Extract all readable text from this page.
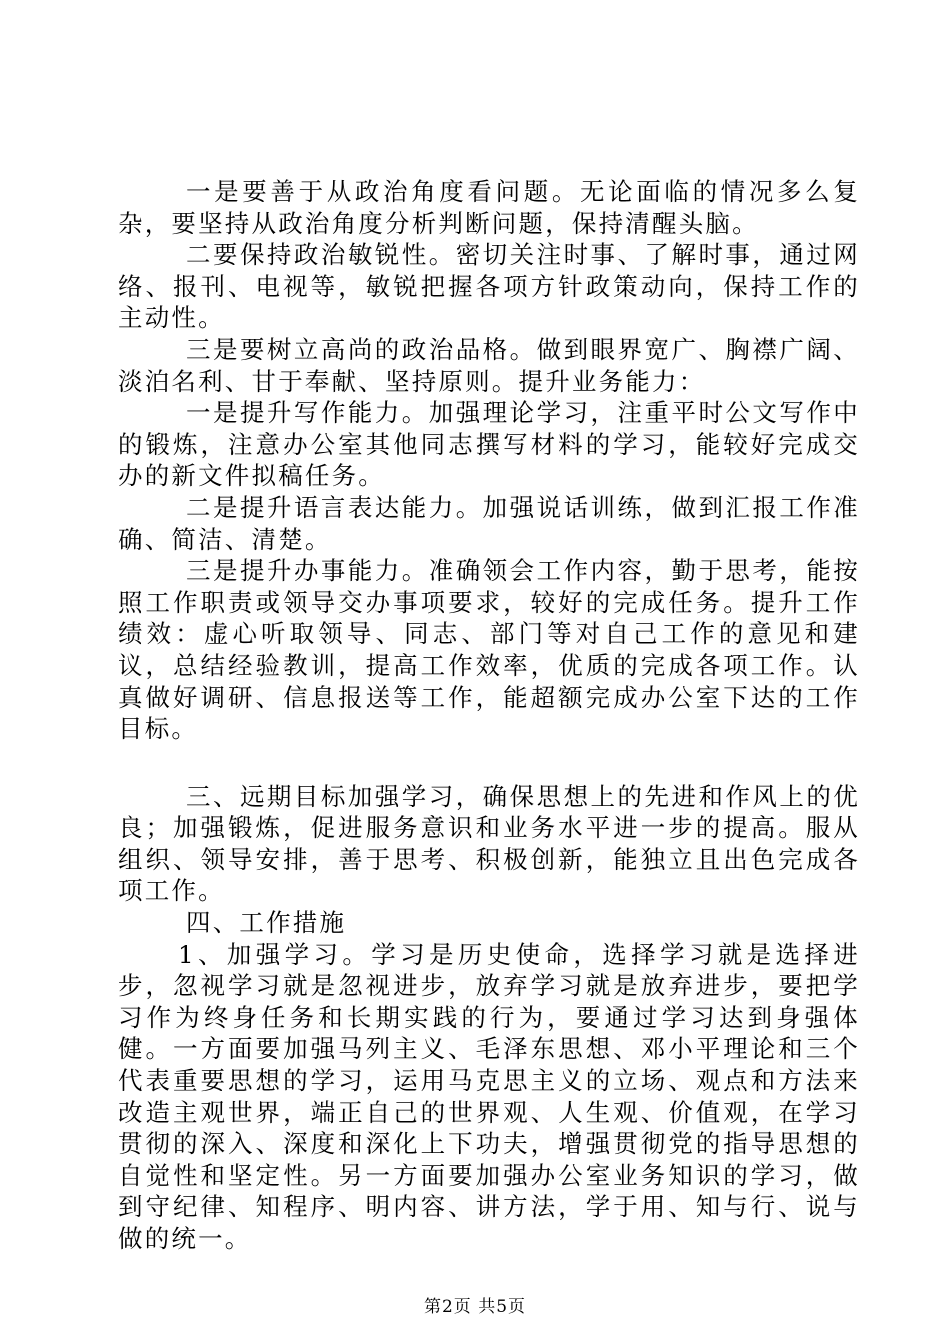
一是要善于从政治角度看问题。无论面临的情况多么复杂，要坚持从政治角度分析判断问题，保持清醒头脑。

二要保持政治敏锐性。密切关注时事、了解时事，通过网络、报刊、电视等，敏锐把握各项方针政策动向，保持工作的主动性。

三是要树立高尚的政治品格。做到眼界宽广、胸襟广阔、淡泊名利、甘于奉献、坚持原则。提升业务能力：

一是提升写作能力。加强理论学习，注重平时公文写作中的锻炼，注意办公室其他同志撰写材料的学习，能较好完成交办的新文件拟稿任务。

二是提升语言表达能力。加强说话训练，做到汇报工作准确、简洁、清楚。

三是提升办事能力。准确领会工作内容，勤于思考，能按照工作职责或领导交办事项要求，较好的完成任务。提升工作绩效：虚心听取领导、同志、部门等对自己工作的意见和建议，总结经验教训，提高工作效率，优质的完成各项工作。认真做好调研、信息报送等工作，能超额完成办公室下达的工作目标。

三、远期目标加强学习，确保思想上的先进和作风上的优良；加强锻炼，促进服务意识和业务水平进一步的提高。服从组织、领导安排，善于思考、积极创新，能独立且出色完成各项工作。

四、工作措施

1、加强学习。学习是历史使命，选择学习就是选择进步，忽视学习就是忽视进步，放弃学习就是放弃进步，要把学习作为终身任务和长期实践的行为，要通过学习达到身强体健。一方面要加强马列主义、毛泽东思想、邓小平理论和三个代表重要思想的学习，运用马克思主义的立场、观点和方法来改造主观世界，端正自己的世界观、人生观、价值观，在学习贯彻的深入、深度和深化上下功夫，增强贯彻党的指导思想的自觉性和坚定性。另一方面要加强办公室业务知识的学习，做到守纪律、知程序、明内容、讲方法，学于用、知与行、说与做的统一。

第2页 共5页
